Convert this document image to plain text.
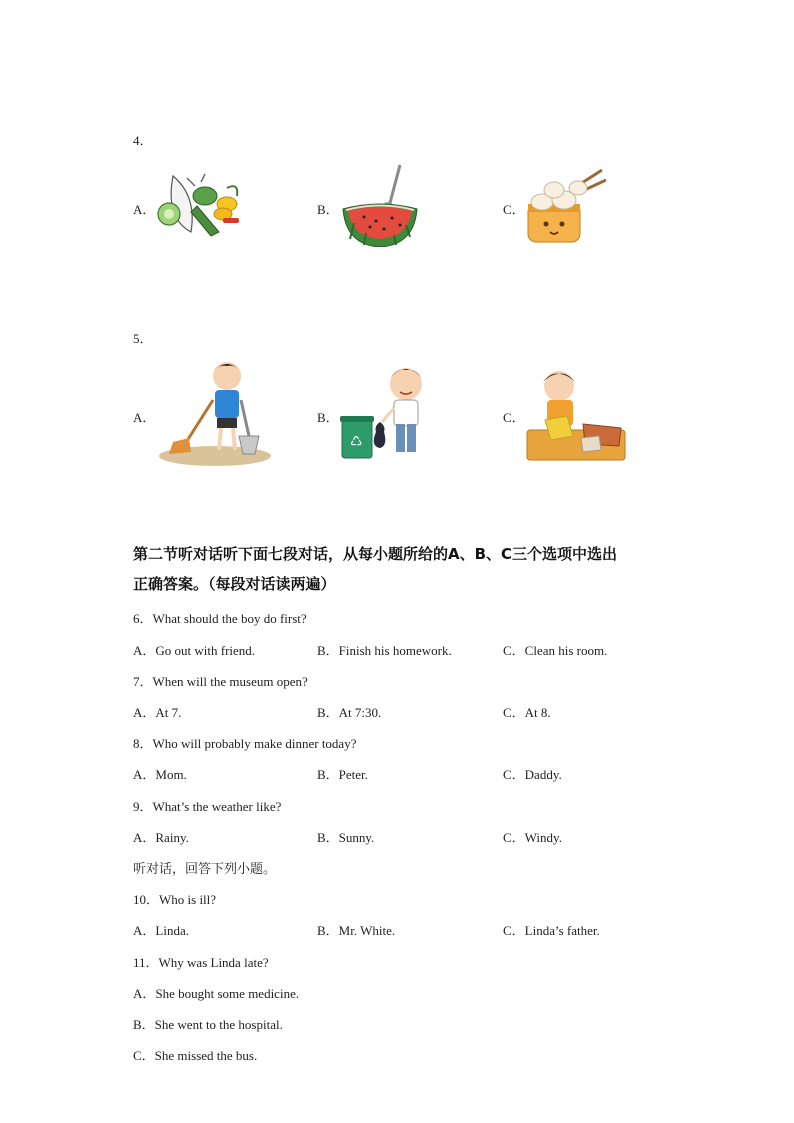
4．
A．	B．	C．
5．
A．	B．
♺
C．
第二节听对话听下面七段对话，从每小题所给的A、B、C三个选项中选出
正确答案。（每段对话读两遍）
6．What should the boy do first?
A．Go out with friend.	B．Finish his homework.	C．Clean his room.
7．When will the museum open?
A．At 7.	B．At 7:30.	C．At 8.
8．Who will probably make dinner today?
A．Mom.	B．Peter.	C．Daddy.
9．What’s the weather like?
A．Rainy.	B．Sunny.	C．Windy.
听对话，回答下列小题。
10．Who is ill?
A．Linda.	B．Mr. White.	C．Linda’s father.
11．Why was Linda late?
A．She bought some medicine.
B．She went to the hospital.
C．She missed the bus.
